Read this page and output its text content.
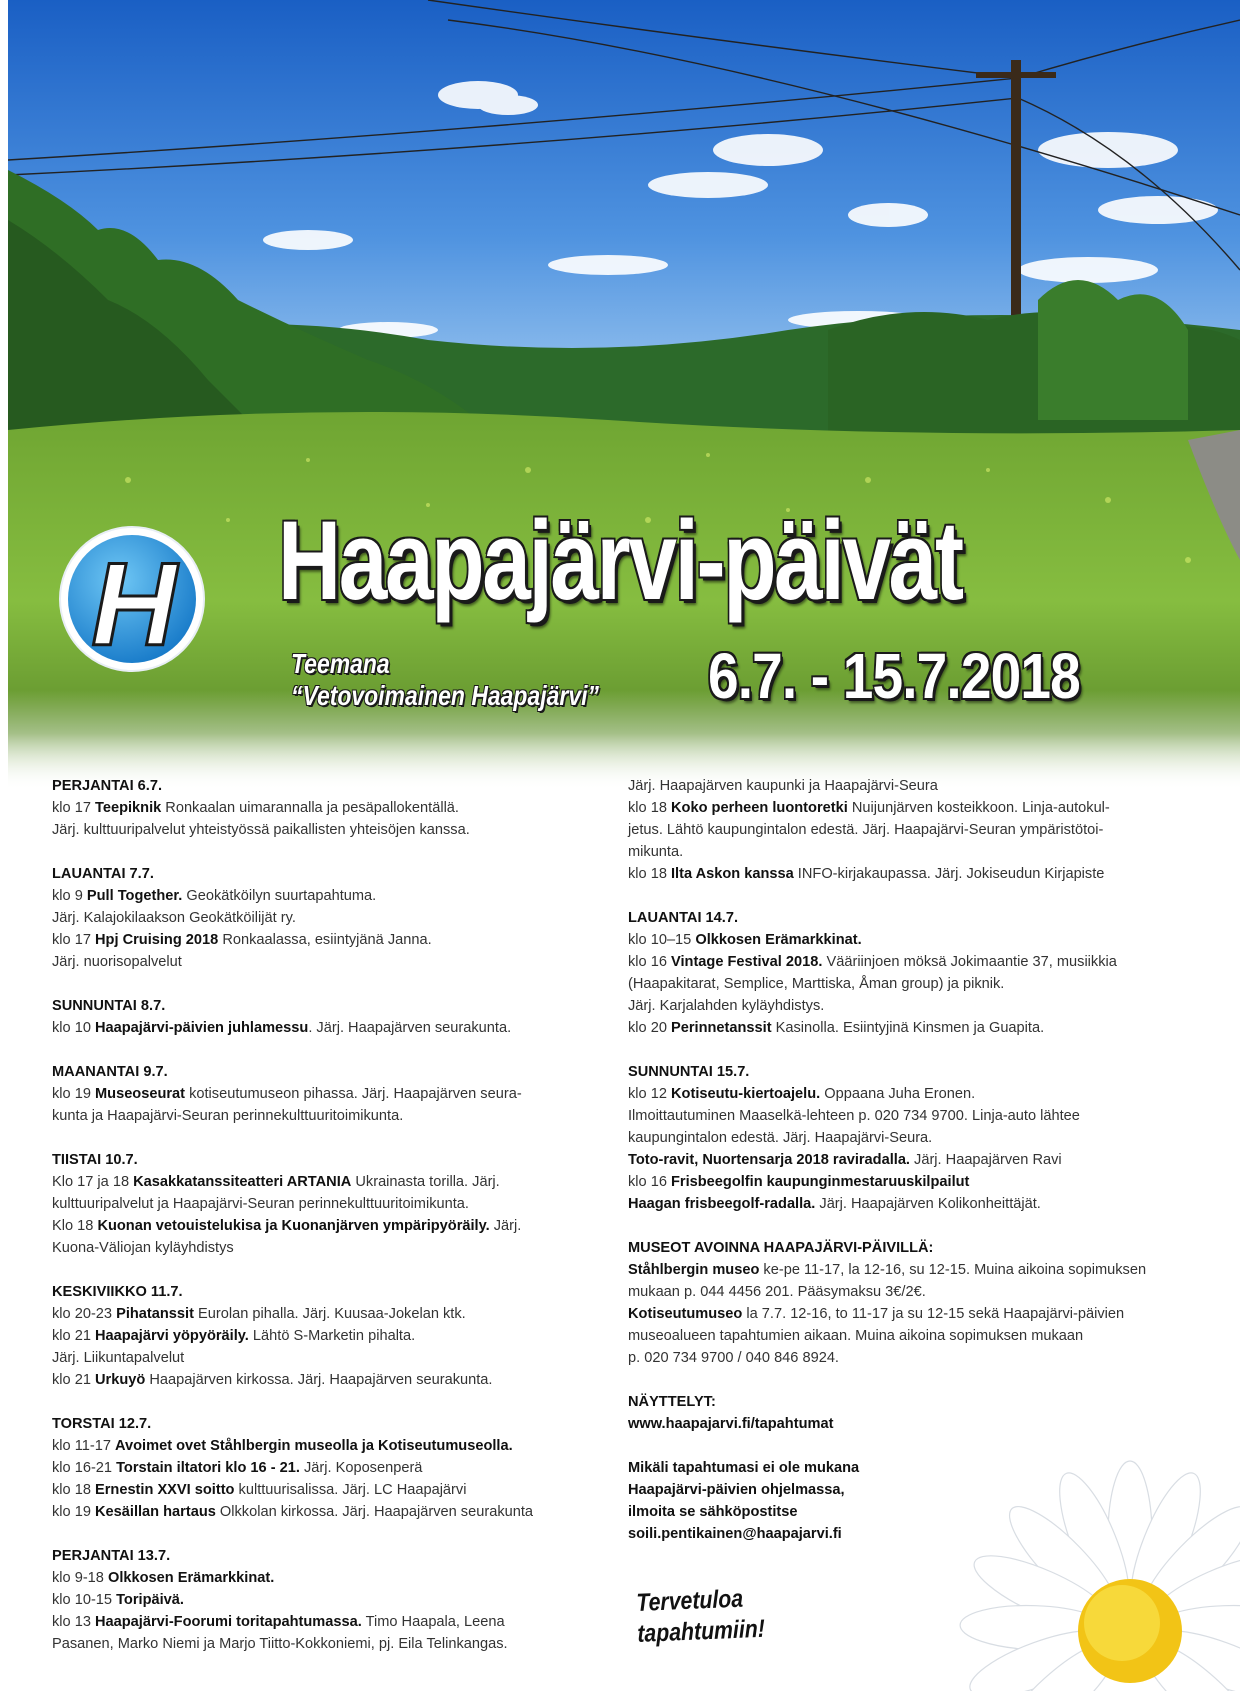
H Haapajärvi-päivät
Teemana
“Vetovoimainen Haapajärvi” 6.7. - 15.7.2018
PERJANTAI 6.7.
klo 17 Teepiknik Ronkaalan uimarannalla ja pesäpallokentällä.
Järj. kulttuuripalvelut yhteistyössä paikallisten yhteisöjen kanssa.
LAUANTAI 7.7.
klo 9 Pull Together. Geokätköilyn suurtapahtuma.
Järj. Kalajokilaakson Geokätköilijät ry.
klo 17 Hpj Cruising 2018 Ronkaalassa, esiintyjänä Janna.
Järj. nuorisopalvelut
SUNNUNTAI 8.7.
klo 10 Haapajärvi-päivien juhlamessu. Järj. Haapajärven seurakunta.
MAANANTAI 9.7.
klo 19 Museoseurat kotiseutumuseon pihassa. Järj. Haapajärven seura-
kunta ja Haapajärvi-Seuran perinnekulttuuritoimikunta.
TIISTAI 10.7.
Klo 17 ja 18 Kasakkatanssiteatteri ARTANIA Ukrainasta torilla. Järj.
kulttuuripalvelut ja Haapajärvi-Seuran perinnekulttuuritoimikunta.
Klo 18 Kuonan vetouistelukisa ja Kuonanjärven ympäripyöräily. Järj.
Kuona-Väliojan kyläyhdistys
KESKIVIIKKO 11.7.
klo 20-23 Pihatanssit Eurolan pihalla. Järj. Kuusaa-Jokelan ktk.
klo 21 Haapajärvi yöpyöräily. Lähtö S-Marketin pihalta.
Järj. Liikuntapalvelut
klo 21 Urkuyö Haapajärven kirkossa. Järj. Haapajärven seurakunta.
TORSTAI 12.7.
klo 11-17 Avoimet ovet Ståhlbergin museolla ja Kotiseutumuseolla.
klo 16-21 Torstain iltatori klo 16 - 21. Järj. Koposenperä
klo 18 Ernestin XXVI soitto kulttuurisalissa. Järj. LC Haapajärvi
klo 19 Kesäillan hartaus Olkkolan kirkossa. Järj. Haapajärven seurakunta
PERJANTAI 13.7.
klo 9-18 Olkkosen Erämarkkinat.
klo 10-15 Toripäivä.
klo 13 Haapajärvi-Foorumi toritapahtumassa. Timo Haapala, Leena
Pasanen, Marko Niemi ja Marjo Tiitto-Kokkoniemi, pj. Eila Telinkangas.
Järj. Haapajärven kaupunki ja Haapajärvi-Seura
klo 18 Koko perheen luontoretki Nuijunjärven kosteikkoon. Linja-autokul-
jetus. Lähtö kaupungintalon edestä. Järj. Haapajärvi-Seuran ympäristötoi-
mikunta.
klo 18 Ilta Askon kanssa INFO-kirjakaupassa. Järj. Jokiseudun Kirjapiste
LAUANTAI 14.7.
klo 10–15 Olkkosen Erämarkkinat.
klo 16 Vintage Festival 2018. Vääriinjoen möksä Jokimaantie 37, musiikkia
(Haapakitarat, Semplice, Marttiska, Åman group) ja piknik.
Järj. Karjalahden kyläyhdistys.
klo 20 Perinnetanssit Kasinolla. Esiintyjinä Kinsmen ja Guapita.
SUNNUNTAI 15.7.
klo 12 Kotiseutu-kiertoajelu. Oppaana Juha Eronen.
Ilmoittautuminen Maaselkä-lehteen p. 020 734 9700. Linja-auto lähtee
kaupungintalon edestä. Järj. Haapajärvi-Seura.
Toto-ravit, Nuortensarja 2018 raviradalla. Järj. Haapajärven Ravi
klo 16 Frisbeegolfin kaupunginmestaruuskilpailut
Haagan frisbeegolf-radalla. Järj. Haapajärven Kolikonheittäjät.
MUSEOT AVOINNA HAAPAJÄRVI-PÄIVILLÄ:
Ståhlbergin museo ke-pe 11-17, la 12-16, su 12-15. Muina aikoina sopimuksen
mukaan p. 044 4456 201. Pääsymaksu 3€/2€.
Kotiseutumuseo la 7.7. 12-16, to 11-17 ja su 12-15 sekä Haapajärvi-päivien
museoalueen tapahtumien aikaan. Muina aikoina sopimuksen mukaan
p. 020 734 9700 / 040 846 8924.
NÄYTTELYT:
www.haapajarvi.fi/tapahtumat
Mikäli tapahtumasi ei ole mukana
Haapajärvi-päivien ohjelmassa,
ilmoita se sähköpostitse
soili.pentikainen@haapajarvi.fi
Tervetuloa
tapahtumiin!
